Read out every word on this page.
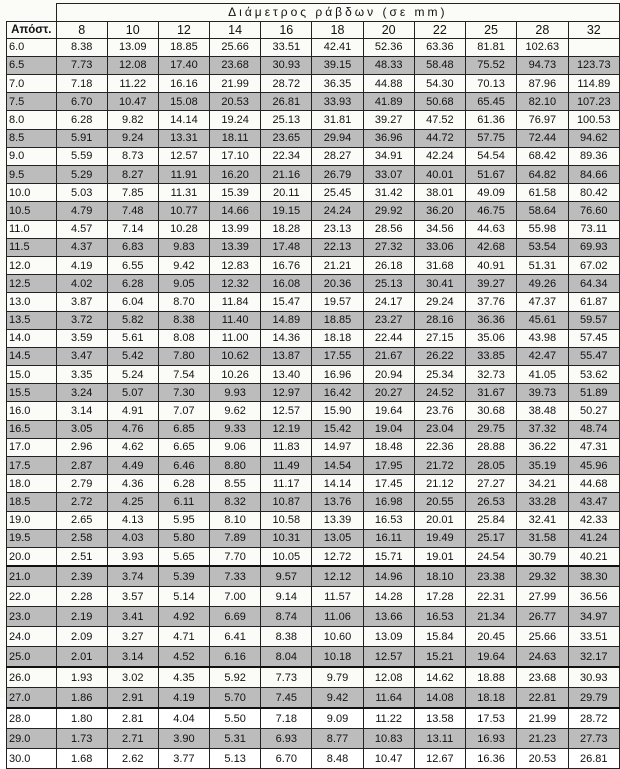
	Διάμετρος ράβδων (σε mm)										
Απόστ.	8	10	12	14	16	18	20	22	25	28	32
6.0	8.38	13.09	18.85	25.66	33.51	42.41	52.36	63.36	81.81	102.63	
6.5	7.73	12.08	17.40	23.68	30.93	39.15	48.33	58.48	75.52	94.73	123.73
7.0	7.18	11.22	16.16	21.99	28.72	36.35	44.88	54.30	70.13	87.96	114.89
7.5	6.70	10.47	15.08	20.53	26.81	33.93	41.89	50.68	65.45	82.10	107.23
8.0	6.28	9.82	14.14	19.24	25.13	31.81	39.27	47.52	61.36	76.97	100.53
8.5	5.91	9.24	13.31	18.11	23.65	29.94	36.96	44.72	57.75	72.44	94.62
9.0	5.59	8.73	12.57	17.10	22.34	28.27	34.91	42.24	54.54	68.42	89.36
9.5	5.29	8.27	11.91	16.20	21.16	26.79	33.07	40.01	51.67	64.82	84.66
10.0	5.03	7.85	11.31	15.39	20.11	25.45	31.42	38.01	49.09	61.58	80.42
10.5	4.79	7.48	10.77	14.66	19.15	24.24	29.92	36.20	46.75	58.64	76.60
11.0	4.57	7.14	10.28	13.99	18.28	23.13	28.56	34.56	44.63	55.98	73.11
11.5	4.37	6.83	9.83	13.39	17.48	22.13	27.32	33.06	42.68	53.54	69.93
12.0	4.19	6.55	9.42	12.83	16.76	21.21	26.18	31.68	40.91	51.31	67.02
12.5	4.02	6.28	9.05	12.32	16.08	20.36	25.13	30.41	39.27	49.26	64.34
13.0	3.87	6.04	8.70	11.84	15.47	19.57	24.17	29.24	37.76	47.37	61.87
13.5	3.72	5.82	8.38	11.40	14.89	18.85	23.27	28.16	36.36	45.61	59.57
14.0	3.59	5.61	8.08	11.00	14.36	18.18	22.44	27.15	35.06	43.98	57.45
14.5	3.47	5.42	7.80	10.62	13.87	17.55	21.67	26.22	33.85	42.47	55.47
15.0	3.35	5.24	7.54	10.26	13.40	16.96	20.94	25.34	32.73	41.05	53.62
15.5	3.24	5.07	7.30	9.93	12.97	16.42	20.27	24.52	31.67	39.73	51.89
16.0	3.14	4.91	7.07	9.62	12.57	15.90	19.64	23.76	30.68	38.48	50.27
16.5	3.05	4.76	6.85	9.33	12.19	15.42	19.04	23.04	29.75	37.32	48.74
17.0	2.96	4.62	6.65	9.06	11.83	14.97	18.48	22.36	28.88	36.22	47.31
17.5	2.87	4.49	6.46	8.80	11.49	14.54	17.95	21.72	28.05	35.19	45.96
18.0	2.79	4.36	6.28	8.55	11.17	14.14	17.45	21.12	27.27	34.21	44.68
18.5	2.72	4.25	6.11	8.32	10.87	13.76	16.98	20.55	26.53	33.28	43.47
19.0	2.65	4.13	5.95	8.10	10.58	13.39	16.53	20.01	25.84	32.41	42.33
19.5	2.58	4.03	5.80	7.89	10.31	13.05	16.11	19.49	25.17	31.58	41.24
20.0	2.51	3.93	5.65	7.70	10.05	12.72	15.71	19.01	24.54	30.79	40.21
21.0	2.39	3.74	5.39	7.33	9.57	12.12	14.96	18.10	23.38	29.32	38.30
22.0	2.28	3.57	5.14	7.00	9.14	11.57	14.28	17.28	22.31	27.99	36.56
23.0	2.19	3.41	4.92	6.69	8.74	11.06	13.66	16.53	21.34	26.77	34.97
24.0	2.09	3.27	4.71	6.41	8.38	10.60	13.09	15.84	20.45	25.66	33.51
25.0	2.01	3.14	4.52	6.16	8.04	10.18	12.57	15.21	19.64	24.63	32.17
26.0	1.93	3.02	4.35	5.92	7.73	9.79	12.08	14.62	18.88	23.68	30.93
27.0	1.86	2.91	4.19	5.70	7.45	9.42	11.64	14.08	18.18	22.81	29.79
28.0	1.80	2.81	4.04	5.50	7.18	9.09	11.22	13.58	17.53	21.99	28.72
29.0	1.73	2.71	3.90	5.31	6.93	8.77	10.83	13.11	16.93	21.23	27.73
30.0	1.68	2.62	3.77	5.13	6.70	8.48	10.47	12.67	16.36	20.53	26.81
